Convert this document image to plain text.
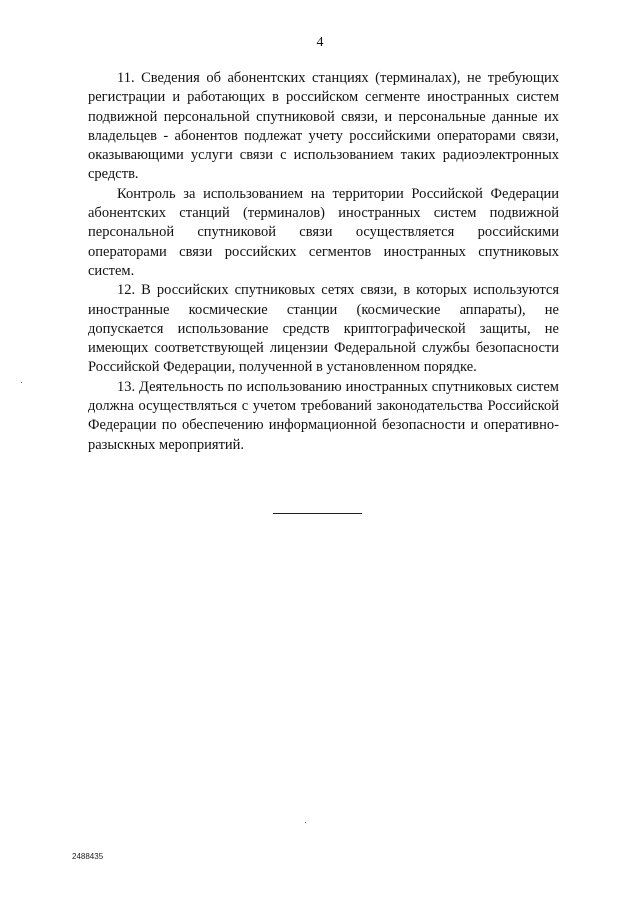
4

11. Сведения об абонентских станциях (терминалах), не требующих регистрации и работающих в российском сегменте иностранных систем подвижной персональной спутниковой связи, и персональные данные их владельцев - абонентов подлежат учету российскими операторами связи, оказывающими услуги связи с использованием таких радиоэлектронных средств.

Контроль за использованием на территории Российской Федерации абонентских станций (терминалов) иностранных систем подвижной персональной спутниковой связи осуществляется российскими операторами связи российских сегментов иностранных спутниковых систем.

12. В российских спутниковых сетях связи, в которых используются иностранные космические станции (космические аппараты), не допускается использование средств криптографической защиты, не имеющих соответствующей лицензии Федеральной службы безопасности Российской Федерации, полученной в установленном порядке.

13. Деятельность по использованию иностранных спутниковых систем должна осуществляться с учетом требований законодательства Российской Федерации по обеспечению информационной безопасности и оперативно-разыскных мероприятий.

2488435
